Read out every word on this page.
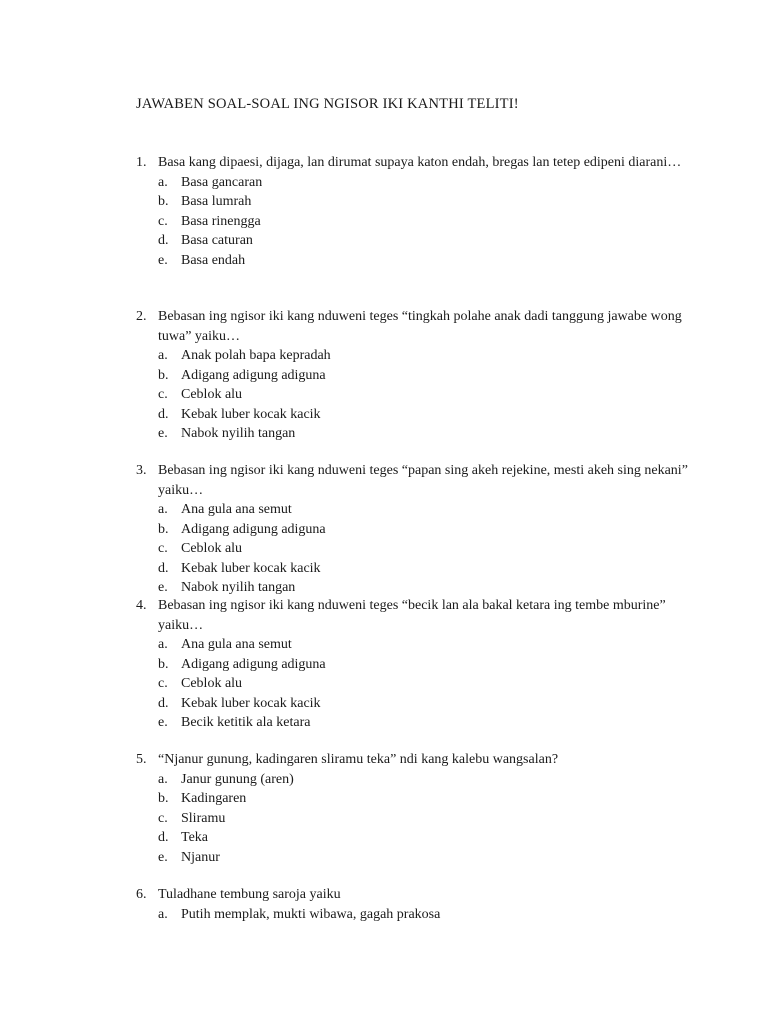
JAWABEN SOAL-SOAL ING NGISOR IKI KANTHI TELITI!
1. Basa kang dipaesi, dijaga, lan dirumat supaya katon endah, bregas lan tetep edipeni diarani…
a. Basa gancaran
b. Basa lumrah
c. Basa rinengga
d. Basa caturan
e. Basa endah
2. Bebasan ing ngisor iki kang nduweni teges “tingkah polahe anak dadi tanggung jawabe wong tuwa” yaiku…
a. Anak polah bapa kepradah
b. Adigang adigung adiguna
c. Ceblok alu
d. Kebak luber kocak kacik
e. Nabok nyilih tangan
3. Bebasan ing ngisor iki kang nduweni teges “papan sing akeh rejekine, mesti akeh sing nekani” yaiku…
a. Ana gula ana semut
b. Adigang adigung adiguna
c. Ceblok alu
d. Kebak luber kocak kacik
e. Nabok nyilih tangan
4. Bebasan ing ngisor iki kang nduweni teges “becik lan ala bakal ketara ing tembe mburine” yaiku…
a. Ana gula ana semut
b. Adigang adigung adiguna
c. Ceblok alu
d. Kebak luber kocak kacik
e. Becik ketitik ala ketara
5. “Njanur gunung, kadingaren sliramu teka” ndi kang kalebu wangsalan?
a. Janur gunung (aren)
b. Kadingaren
c. Sliramu
d. Teka
e. Njanur
6. Tuladhane tembung saroja yaiku
a. Putih memplak, mukti wibawa, gagah prakosa
